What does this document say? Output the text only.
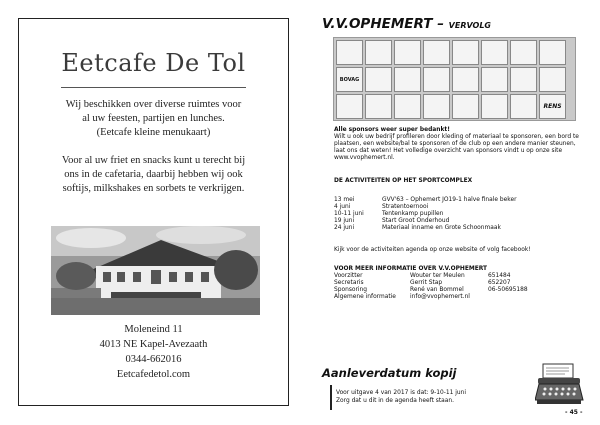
Eetcafe De Tol
Wij beschikken over diverse ruimtes voor
al uw feesten, partijen en lunches.
(Eetcafe kleine menukaart)
Voor al uw friet en snacks kunt u terecht bij
ons in de cafetaria, daarbij hebben wij ook
softijs, milkshakes en sorbets te verkrijgen.
Moleneind 11
4013 NE Kapel-Avezaath
0344-662016
Eetcafedetol.com
V.V.OPHEMERT – VERVOLG
BOVAG
RENS
Alle sponsors weer super bedankt!
Wilt u ook uw bedrijf profileren door kleding of materiaal te sponsoren, een bord te
plaatsen, een website/bal te sponsoren of de club op een andere manier steunen,
laat ons dat weten! Het volledige overzicht van sponsors vindt u op onze site
www.vvophemert.nl.
DE ACTIVITEITEN OP HET SPORTCOMPLEX
13 mei	GVV'63 – Ophemert JO19-1 halve finale beker
4 juni	Stratentoernooi
10-11 juni	Tentenkamp pupillen
19 juni	Start Groot Onderhoud
24 juni	Materiaal inname en Grote Schoonmaak
Kijk voor de activiteiten agenda op onze website of volg facebook!
VOOR MEER INFORMATIE OVER V.V.OPHEMERT
Voorzitter	Wouter ter Meulen	651484
Secretaris	Gerrit Stap	652207
Sponsoring	René van Bommel	06-50695188
Algemene informatie info@vvophemert.nl
Aanleverdatum kopij
Voor uitgave 4 van 2017 is dat: 9-10-11 juni
Zorg dat u dit in de agenda heeft staan.
- 45 -
